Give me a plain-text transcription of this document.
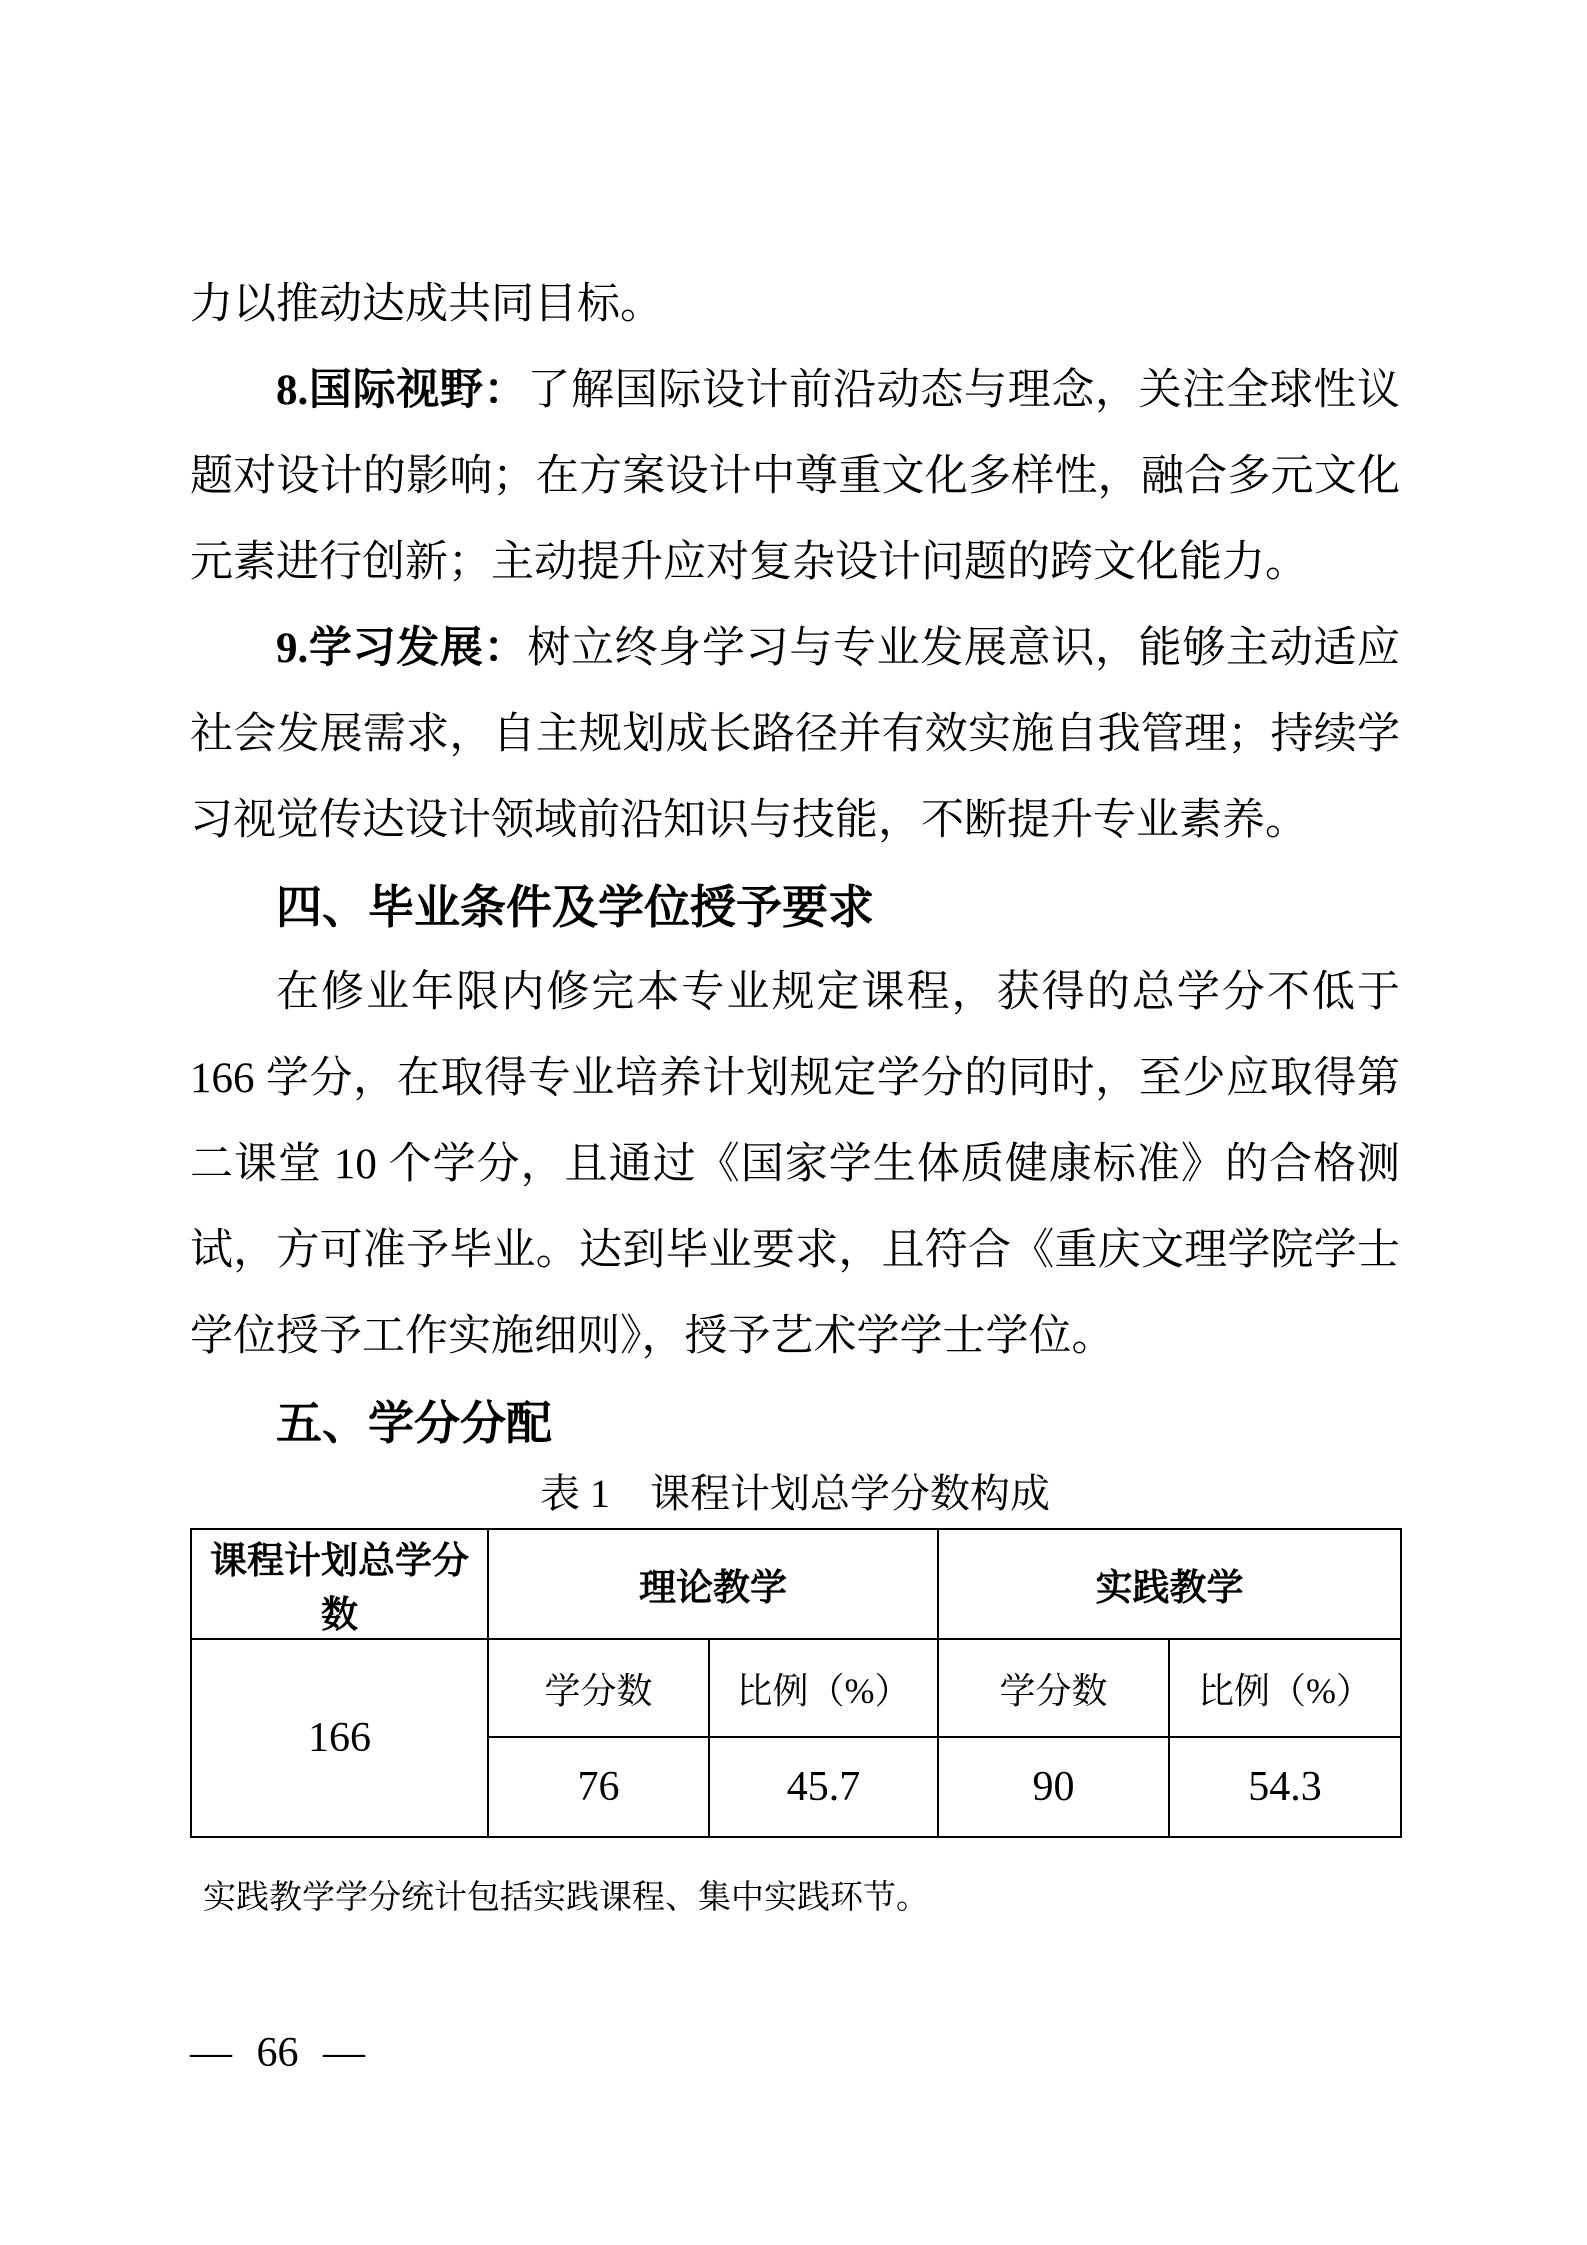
力以推动达成共同目标。

8.国际视野：了解国际设计前沿动态与理念，关注全球性议题对设计的影响；在方案设计中尊重文化多样性，融合多元文化元素进行创新；主动提升应对复杂设计问题的跨文化能力。

9.学习发展：树立终身学习与专业发展意识，能够主动适应社会发展需求，自主规划成长路径并有效实施自我管理；持续学习视觉传达设计领域前沿知识与技能，不断提升专业素养。

四、毕业条件及学位授予要求

在修业年限内修完本专业规定课程，获得的总学分不低于 166 学分，在取得专业培养计划规定学分的同时，至少应取得第二课堂 10 个学分，且通过《国家学生体质健康标准》的合格测试，方可准予毕业。达到毕业要求，且符合《重庆文理学院学士学位授予工作实施细则》，授予艺术学学士学位。

五、学分分配

表 1　课程计划总学分数构成

课程计划总学分数	理论教学		实践教学	
166	学分数	比例（%）	学分数	比例（%）
	76	45.7	90	54.3

实践教学学分统计包括实践课程、集中实践环节。

— 66 —
